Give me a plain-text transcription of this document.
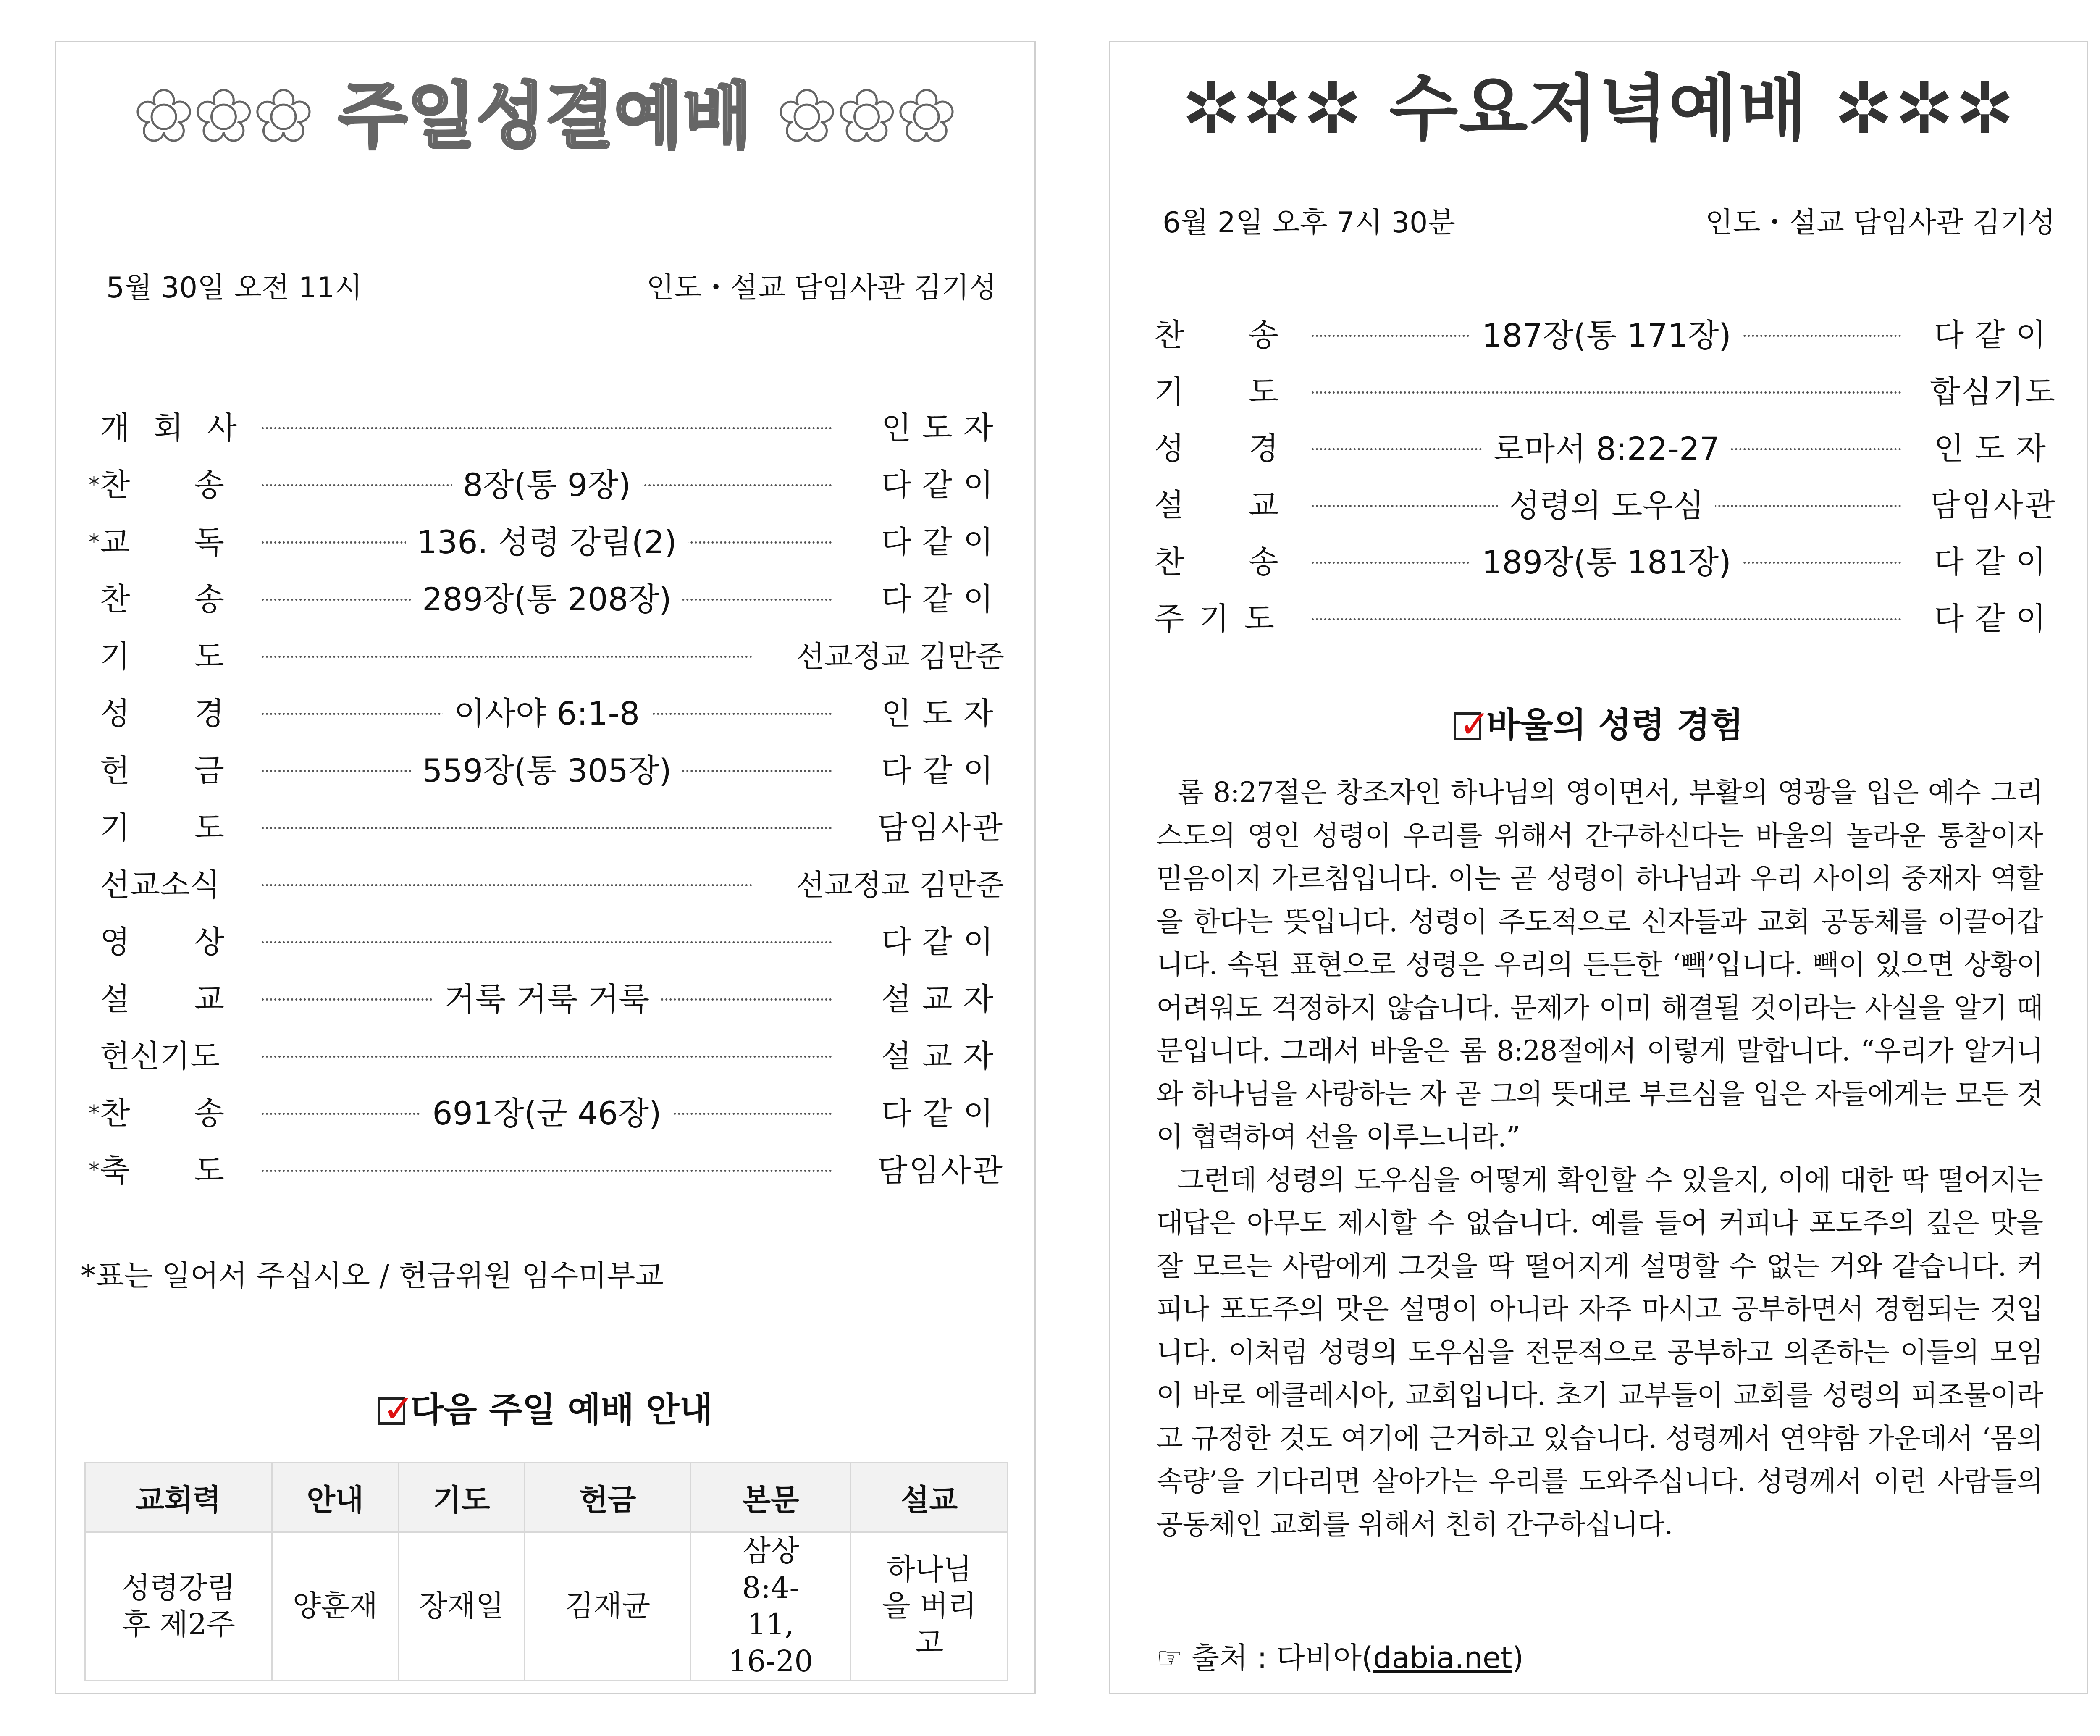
✿✿✿ 주일성결예배 ✿✿✿
5월 30일 오전 11시	인도・설교 담임사관 김기성
개 회 사	인도자
* 찬 송	8장(통 9장)	다같이
* 교 독	136. 성령 강림(2)	다같이
찬 송	289장(통 208장)	다같이
기 도	선교정교 김만준
성 경	이사야 6:1-8	인도자
헌 금	559장(통 305장)	다같이
기 도	담임사관
선교소식	선교정교 김만준
영 상	다같이
설 교	거룩 거룩 거룩	설교자
헌신기도	설교자
* 찬 송	691장(군 46장)	다같이
* 축 도	담임사관
*표는 일어서 주십시오 / 헌금위원 임수미부교
✓
다음 주일 예배 안내
교회력	안내	기도	헌금	본문	설교
성령강림후 제2주	양훈재	장재일	김재균	삼상 8:4-11, 16-20	하나님을 버리고
✲✲✲ 수요저녁예배 ✲✲✲
6월 2일 오후 7시 30분	인도・설교 담임사관 김기성
찬 송	187장(통 171장)	다같이
기 도	합심기도
성 경	로마서 8:22-27	인도자
설 교	성령의 도우심	담임사관
찬 송	189장(통 181장)	다같이
주 기 도	다같이
✓
바울의 성령 경험

롬 8:27절은 창조자인 하나님의 영이면서, 부활의 영광을 입은 예수 그리스도의 영인 성령이 우리를 위해서 간구하신다는 바울의 놀라운 통찰이자 믿음이지 가르침입니다. 이는 곧 성령이 하나님과 우리 사이의 중재자 역할을 한다는 뜻입니다. 성령이 주도적으로 신자들과 교회 공동체를 이끌어갑니다. 속된 표현으로 성령은 우리의 든든한 ‘빽’입니다. 빽이 있으면 상황이 어려워도 걱정하지 않습니다. 문제가 이미 해결될 것이라는 사실을 알기 때문입니다. 그래서 바울은 롬 8:28절에서 이렇게 말합니다. “우리가 알거니와 하나님을 사랑하는 자 곧 그의 뜻대로 부르심을 입은 자들에게는 모든 것이 협력하여 선을 이루느니라.”

그런데 성령의 도우심을 어떻게 확인할 수 있을지, 이에 대한 딱 떨어지는 대답은 아무도 제시할 수 없습니다. 예를 들어 커피나 포도주의 깊은 맛을 잘 모르는 사람에게 그것을 딱 떨어지게 설명할 수 없는 거와 같습니다. 커피나 포도주의 맛은 설명이 아니라 자주 마시고 공부하면서 경험되는 것입니다. 이처럼 성령의 도우심을 전문적으로 공부하고 의존하는 이들의 모임이 바로 에클레시아, 교회입니다. 초기 교부들이 교회를 성령의 피조물이라고 규정한 것도 여기에 근거하고 있습니다. 성령께서 연약함 가운데서 ‘몸의 속량’을 기다리면 살아가는 우리를 도와주십니다. 성령께서 이런 사람들의 공동체인 교회를 위해서 친히 간구하십니다.

☞ 출처 : 다비아(dabia.net)
